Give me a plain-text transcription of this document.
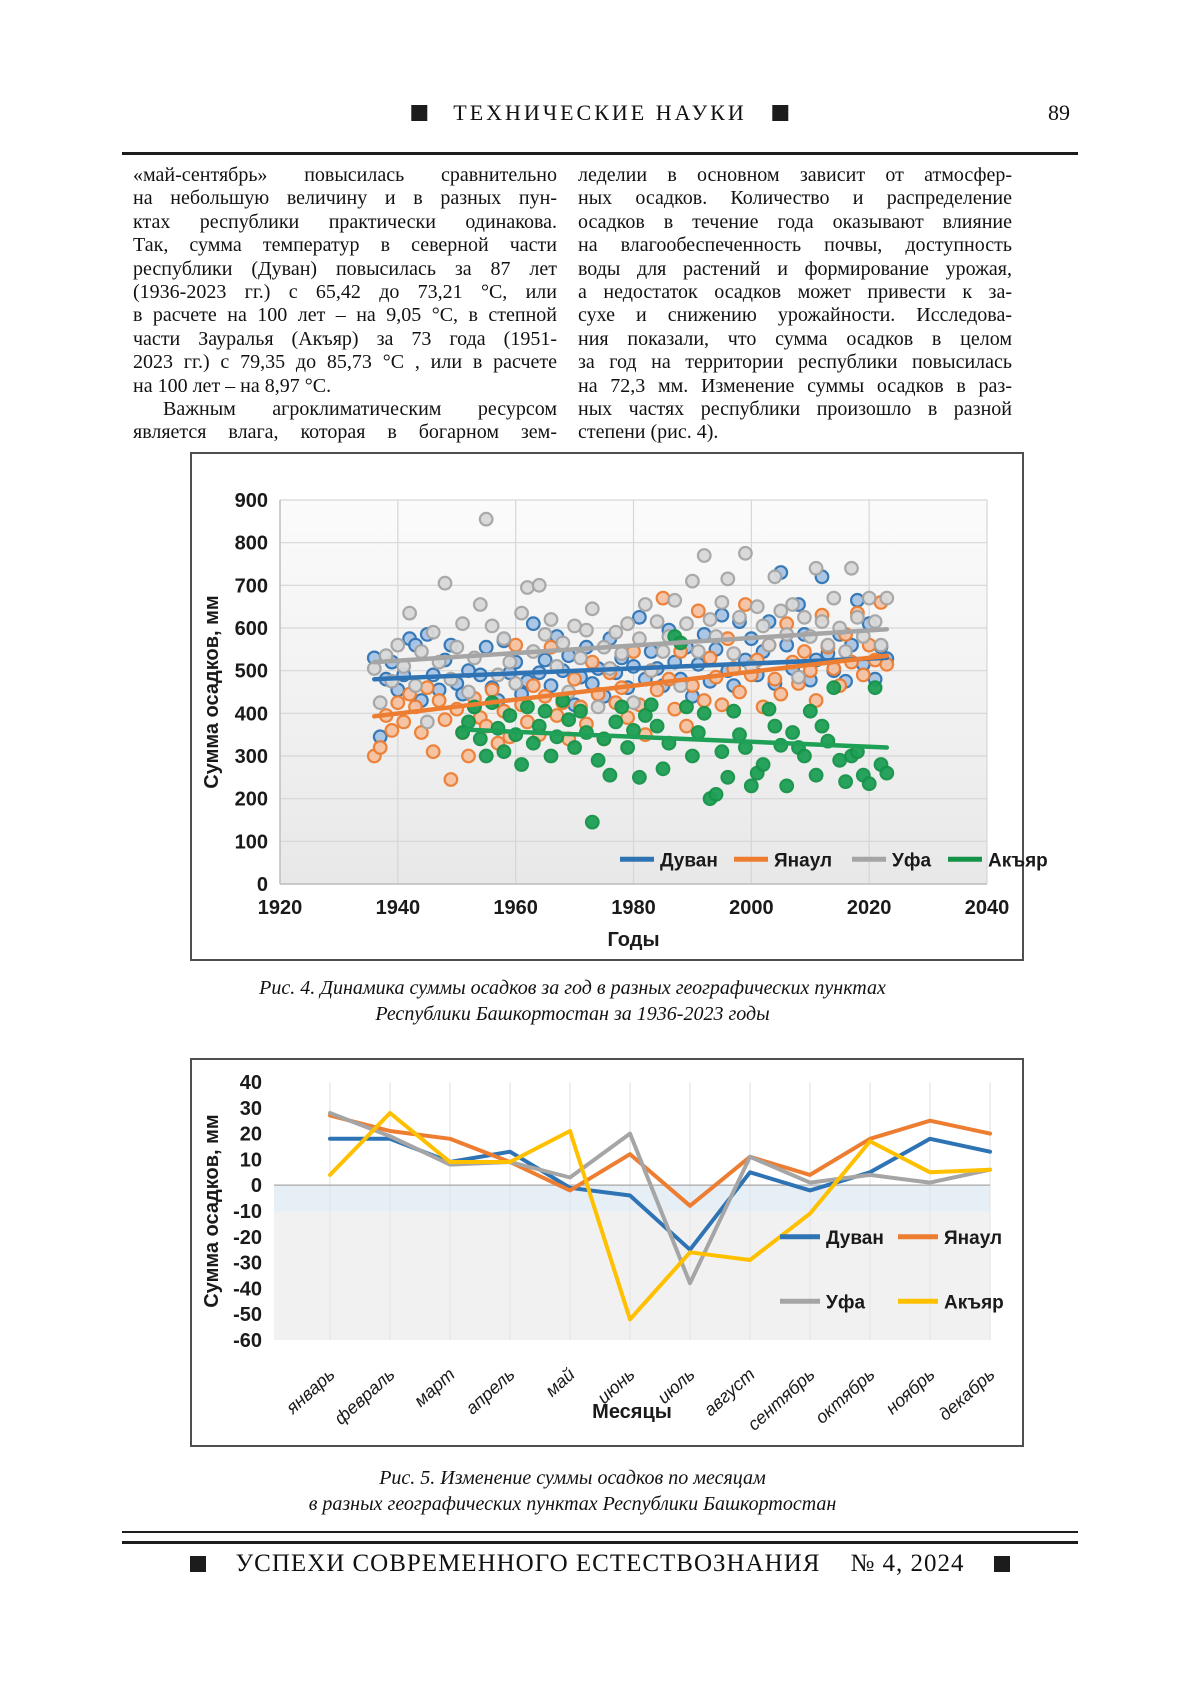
ТЕХНИЧЕСКИЕ НАУКИ	89
«май-сентябрь» повысилась сравнительно
на небольшую величину и в разных пун-
ктах республики практически одинакова.
Так, сумма температур в северной части
республики (Дуван) повысилась за 87 лет
(1936-2023 гг.) с 65,42 до 73,21 °С, или
в расчете на 100 лет – на 9,05 °С, в степной
части Зауралья (Акъяр) за 73 года (1951-
2023 гг.) с 79,35 до 85,73 °С , или в расчете
на 100 лет – на 8,97 °С.
Важным агроклиматическим ресурсом
является влага, которая в богарном зем-
леделии в основном зависит от атмосфер-
ных осадков. Количество и распределение
осадков в течение года оказывают влияние
на влагообеспеченность почвы, доступность
воды для растений и формирование урожая,
а недостаток осадков может привести к за-
сухе и снижению урожайности. Исследова-
ния показали, что сумма осадков в целом
за год на территории республики повысилась
на 72,3 мм. Изменение суммы осадков в раз-
ных частях республики произошло в разной
степени (рис. 4).
900
800
700
600
500
400
300
200
100
0
1920	1940	1960	1980	2000	2020	2040
Годы
Сумма осадков, мм
Дуван	Янаул	Уфа	Акъяр
Рис. 4. Динамика суммы осадков за год в разных географических пунктах
Республики Башкортостан за 1936-2023 годы
40
30
20
10
0
-10
-20
-30
-40
-50
-60
январь
февраль март апрель май июнь июль август
сентябрь
октябрь ноябрь
декабрь
Месяцы
Сумма осадков, мм	Дуван	Янаул
Уфа	Акъяр
Рис. 5. Изменение суммы осадков по месяцам
в разных географических пунктах Республики Башкортостан
УСПЕХИ СОВРЕМЕННОГО ЕСТЕСТВОЗНАНИЯ № 4, 2024
